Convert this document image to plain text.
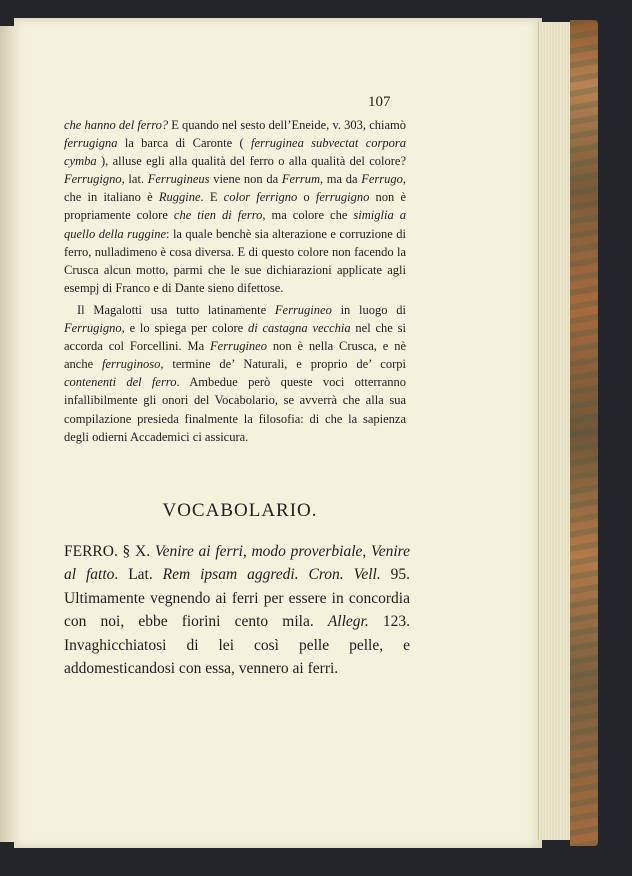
107

che hanno del ferro? E quando nel sesto dell’Eneide, v. 303, chiamò ferrugigna la barca di Caronte ( ferruginea subvectat corpora cymba ), alluse egli alla qualità del ferro o alla qualità del colore? Ferrugigno, lat. Ferrugineus viene non da Ferrum, ma da Ferrugo, che in italiano è Ruggine. E color ferrigno o ferrugigno non è propriamente colore che tien di ferro, ma colore che simiglia a quello della ruggine: la quale benchè sia alterazione e corruzione di ferro, nulladimeno è cosa diversa. E di questo colore non facendo la Crusca alcun motto, parmi che le sue dichiarazioni applicate agli esempj di Franco e di Dante sieno difettose.

Il Magalotti usa tutto latinamente Ferrugineo in luogo di Ferrugigno, e lo spiega per colore di castagna vecchia nel che si accorda col Forcellini. Ma Ferrugineo non è nella Crusca, e nè anche ferruginoso, termine de’ Naturali, e proprio de’ corpi contenenti del ferro. Ambedue però queste voci otterranno infallibilmente gli onori del Vocabolario, se avverrà che alla sua compilazione presieda finalmente la filosofia: di che la sapienza degli odierni Accademici ci assicura.

VOCABOLARIO.
FERRO. § X. Venire ai ferri, modo proverbiale, Venire al fatto. Lat. Rem ipsam aggredi. Cron. Vell. 95. Ultimamente vegnendo ai ferri per essere in concordia con noi, ebbe fiorini cento mila. Allegr. 123. Invaghicchiatosi di lei così pelle pelle, e addomesticandosi con essa, vennero ai ferri.
